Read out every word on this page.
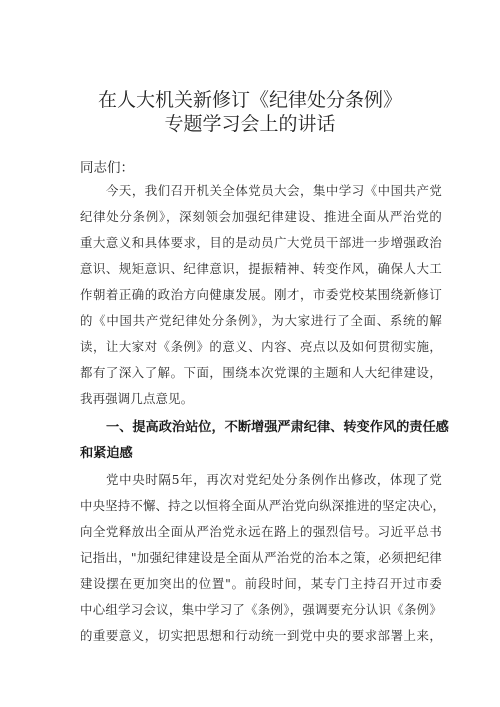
在人大机关新修订《纪律处分条例》
专题学习会上的讲话
同志们：
今天，我们召开机关全体党员大会，集中学习《中国共产党
纪律处分条例》，深刻领会加强纪律建设、推进全面从严治党的
重大意义和具体要求，目的是动员广大党员干部进一步增强政治
意识、规矩意识、纪律意识，提振精神、转变作风，确保人大工
作朝着正确的政治方向健康发展。刚才，市委党校某围绕新修订
的《中国共产党纪律处分条例》，为大家进行了全面、系统的解
读，让大家对《条例》的意义、内容、亮点以及如何贯彻实施，
都有了深入了解。下面，围绕本次党课的主题和人大纪律建设，
我再强调几点意见。
一、提高政治站位，不断增强严肃纪律、转变作风的责任感
和紧迫感
党中央时隔5年，再次对党纪处分条例作出修改，体现了党
中央坚持不懈、持之以恒将全面从严治党向纵深推进的坚定决心，
向全党释放出全面从严治党永远在路上的强烈信号。习近平总书
记指出，"加强纪律建设是全面从严治党的治本之策，必须把纪律
建设摆在更加突出的位置"。前段时间，某专门主持召开过市委
中心组学习会议，集中学习了《条例》，强调要充分认识《条例》
的重要意义，切实把思想和行动统一到党中央的要求部署上来，
